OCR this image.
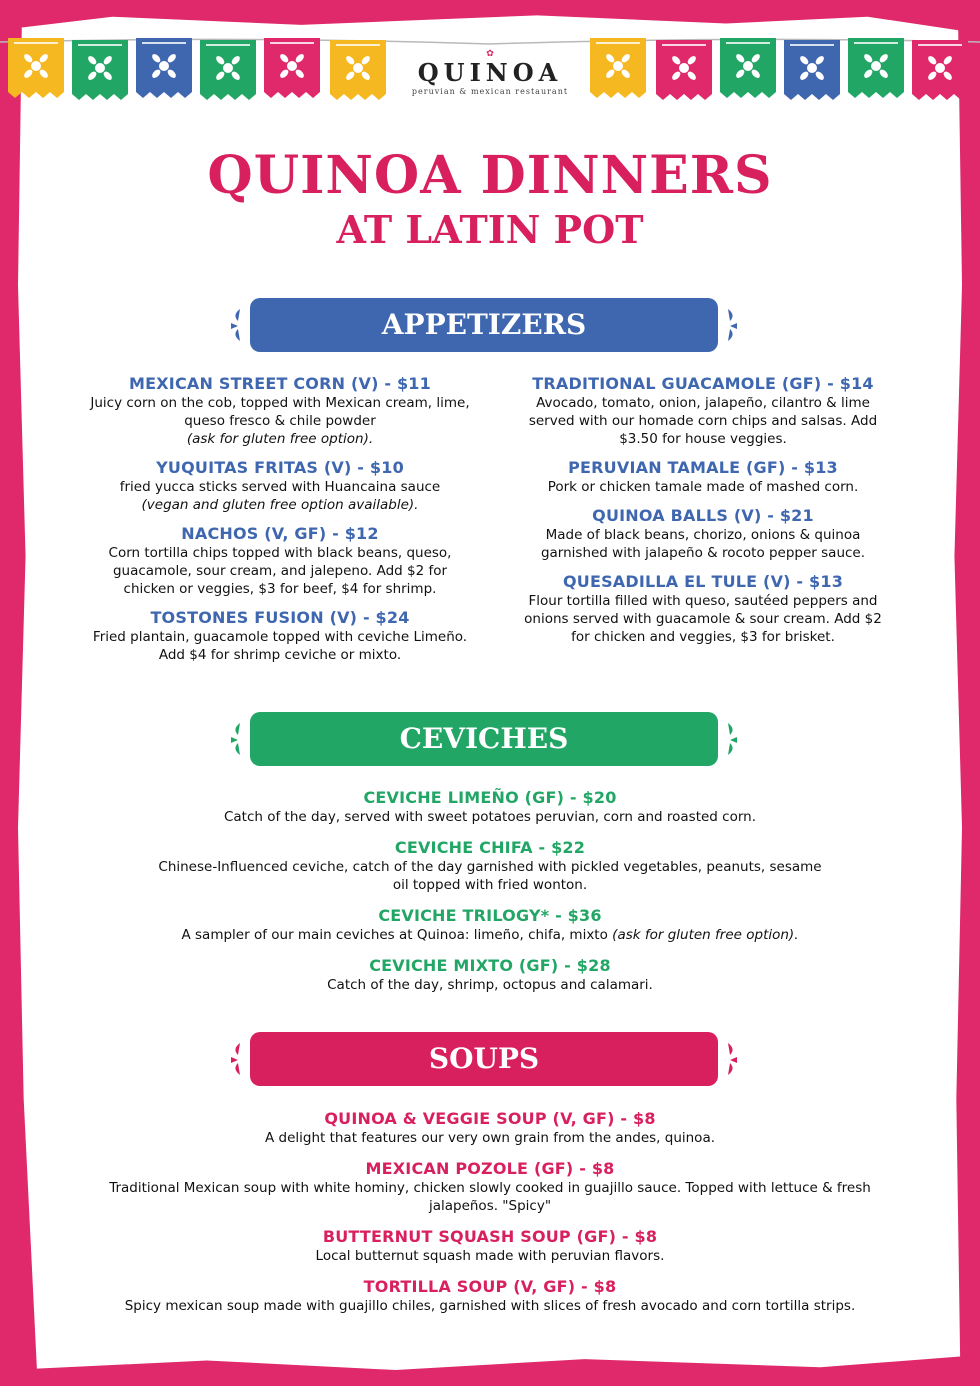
✿
QUINOA
peruvian & mexican restaurant
QUINOA DINNERS
AT LATIN POT
APPETIZERS
MEXICAN STREET CORN (V) - $11
Juicy corn on the cob, topped with Mexican cream, lime, queso fresco & chile powder
(ask for gluten free option).
YUQUITAS FRITAS (V) - $10
fried yucca sticks served with Huancaina sauce
(vegan and gluten free option available).
NACHOS (V, GF) - $12
Corn tortilla chips topped with black beans, queso, guacamole, sour cream, and jalepeno. Add $2 for chicken or veggies, $3 for beef, $4 for shrimp.
TOSTONES FUSION (V) - $24
Fried plantain, guacamole topped with ceviche Limeño. Add $4 for shrimp ceviche or mixto.
TRADITIONAL GUACAMOLE (GF) - $14
Avocado, tomato, onion, jalapeño, cilantro & lime served with our homade corn chips and salsas. Add $3.50 for house veggies.
PERUVIAN TAMALE (GF) - $13
Pork or chicken tamale made of mashed corn.
QUINOA BALLS (V) - $21
Made of black beans, chorizo, onions & quinoa garnished with jalapeño & rocoto pepper sauce.
QUESADILLA EL TULE (V) - $13
Flour tortilla filled with queso, sautéed peppers and onions served with guacamole & sour cream. Add $2 for chicken and veggies, $3 for brisket.
CEVICHES
CEVICHE LIMEÑO (GF) - $20
Catch of the day, served with sweet potatoes peruvian, corn and roasted corn.
CEVICHE CHIFA - $22
Chinese-Influenced ceviche, catch of the day garnished with pickled vegetables, peanuts, sesame oil topped with fried wonton.
CEVICHE TRILOGY* - $36
A sampler of our main ceviches at Quinoa: limeño, chifa, mixto (ask for gluten free option).
CEVICHE MIXTO (GF) - $28
Catch of the day, shrimp, octopus and calamari.
SOUPS
QUINOA & VEGGIE SOUP (V, GF) - $8
A delight that features our very own grain from the andes, quinoa.
MEXICAN POZOLE (GF) - $8
Traditional Mexican soup with white hominy, chicken slowly cooked in guajillo sauce. Topped with lettuce & fresh jalapeños. "Spicy"
BUTTERNUT SQUASH SOUP (GF) - $8
Local butternut squash made with peruvian flavors.
TORTILLA SOUP (V, GF) - $8
Spicy mexican soup made with guajillo chiles, garnished with slices of fresh avocado and corn tortilla strips.
